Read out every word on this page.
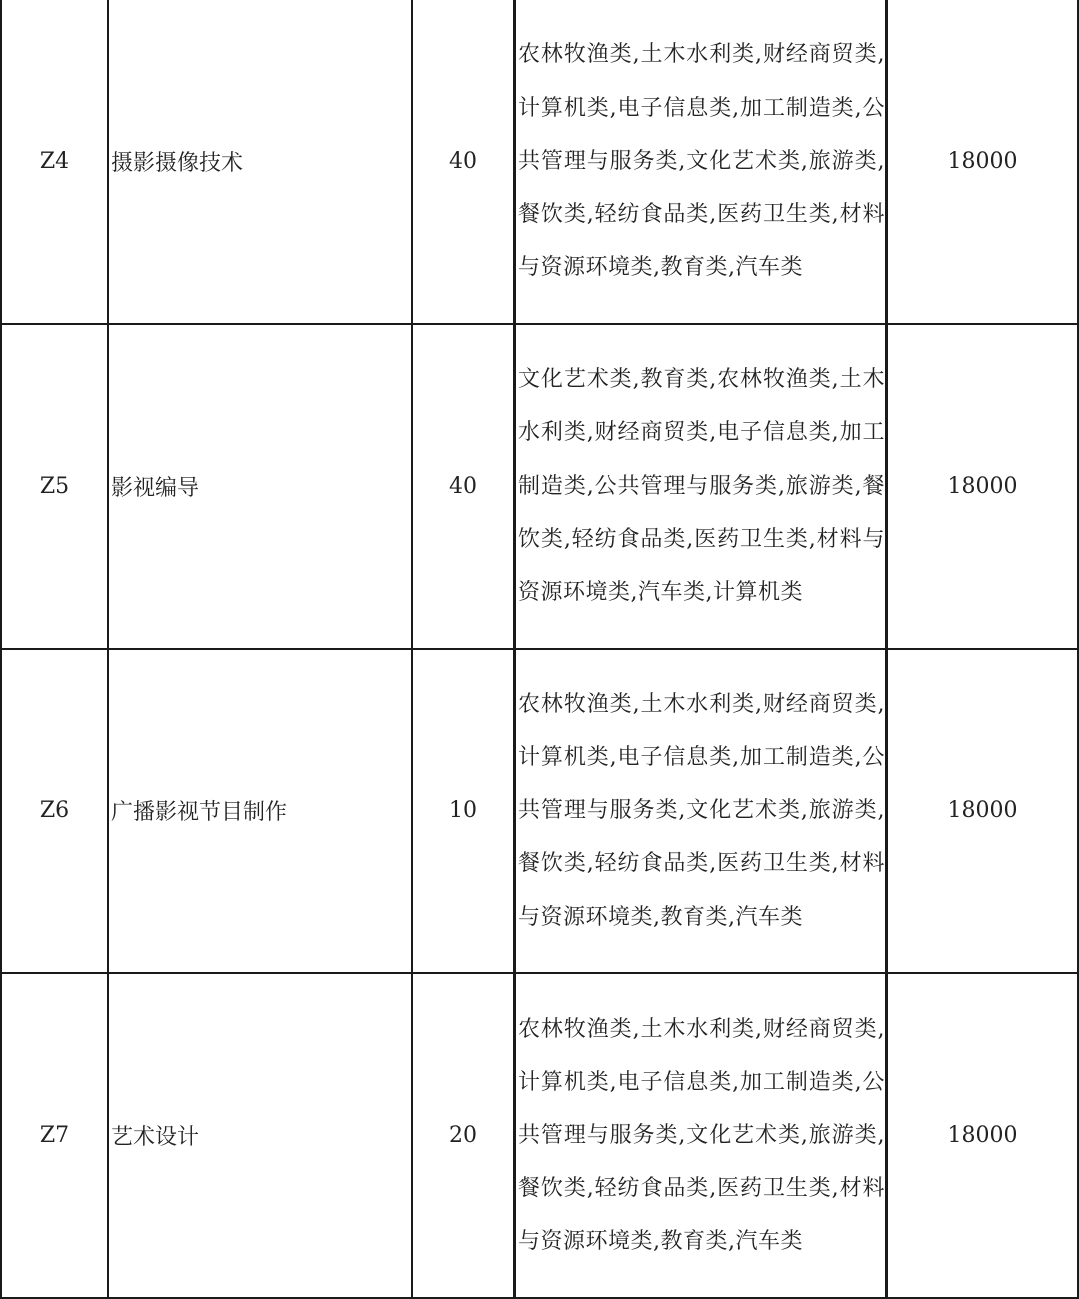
Z4	摄影摄像技术	40	农林牧渔类,土木水利类,财经商贸类,计算机类,电子信息类,加工制造类,公共管理与服务类,文化艺术类,旅游类,餐饮类,轻纺食品类,医药卫生类,材料与资源环境类,教育类,汽车类	18000
Z5	影视编导	40	文化艺术类,教育类,农林牧渔类,土木水利类,财经商贸类,电子信息类,加工制造类,公共管理与服务类,旅游类,餐饮类,轻纺食品类,医药卫生类,材料与资源环境类,汽车类,计算机类	18000
Z6	广播影视节目制作	10	农林牧渔类,土木水利类,财经商贸类,计算机类,电子信息类,加工制造类,公共管理与服务类,文化艺术类,旅游类,餐饮类,轻纺食品类,医药卫生类,材料与资源环境类,教育类,汽车类	18000
Z7	艺术设计	20	农林牧渔类,土木水利类,财经商贸类,计算机类,电子信息类,加工制造类,公共管理与服务类,文化艺术类,旅游类,餐饮类,轻纺食品类,医药卫生类,材料与资源环境类,教育类,汽车类	18000
